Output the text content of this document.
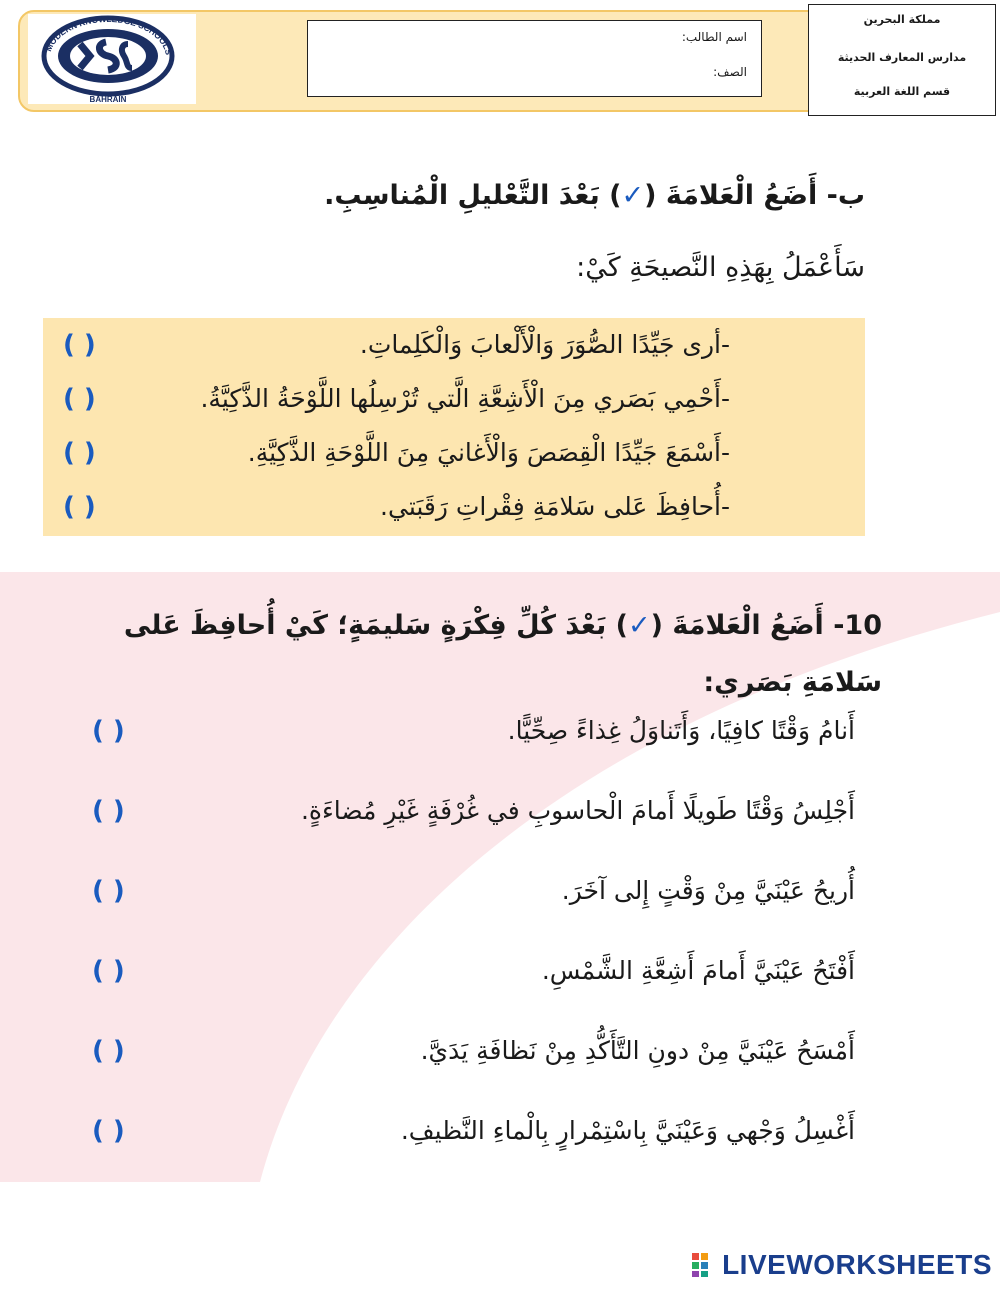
MODERN KNOWLEDGE SCHOOLS
BAHRAIN
اسم الطالب:
الصف:
مملكة البحرين
مدارس المعارف الحديثة
قسم اللغة العربية
ب- أَضَعُ الْعَلامَةَ (✓) بَعْدَ التَّعْليلِ الْمُناسِبِ.
سَأَعْمَلُ بِهَذِهِ النَّصيحَةِ كَيْ:
-أرى جَيِّدًا الصُّوَرَ وَالْأَلْعابَ وَالْكَلِماتِ.
-أَحْمِي بَصَري مِنَ الْأَشِعَّةِ الَّتي تُرْسِلُها اللَّوْحَةُ الذَّكِيَّةُ.
-أَسْمَعَ جَيِّدًا الْقِصَصَ وَالْأَغانيَ مِنَ اللَّوْحَةِ الذَّكِيَّةِ.
-أُحافِظَ عَلى سَلامَةِ فِقْراتِ رَقَبَتي.
( )
( )
( )
( )
10- أَضَعُ الْعَلامَةَ (✓) بَعْدَ كُلِّ فِكْرَةٍ سَليمَةٍ؛ كَيْ أُحافِظَ عَلى
سَلامَةِ بَصَري:
أَنامُ وَقْتًا كافِيًا، وَأَتَناوَلُ غِذاءً صِحِّيًّا.
أَجْلِسُ وَقْتًا طَويلًا أَمامَ الْحاسوبِ في غُرْفَةٍ غَيْرِ مُضاءَةٍ.
أُريحُ عَيْنَيَّ مِنْ وَقْتٍ إِلى آخَرَ.
أَفْتَحُ عَيْنَيَّ أَمامَ أَشِعَّةِ الشَّمْسِ.
أَمْسَحُ عَيْنَيَّ مِنْ دونِ التَّأَكُّدِ مِنْ نَظافَةِ يَدَيَّ.
أَغْسِلُ وَجْهي وَعَيْنَيَّ بِاسْتِمْرارٍ بِالْماءِ النَّظيفِ.
( )
( )
( )
( )
( )
( )
LIVEWORKSHEETS
